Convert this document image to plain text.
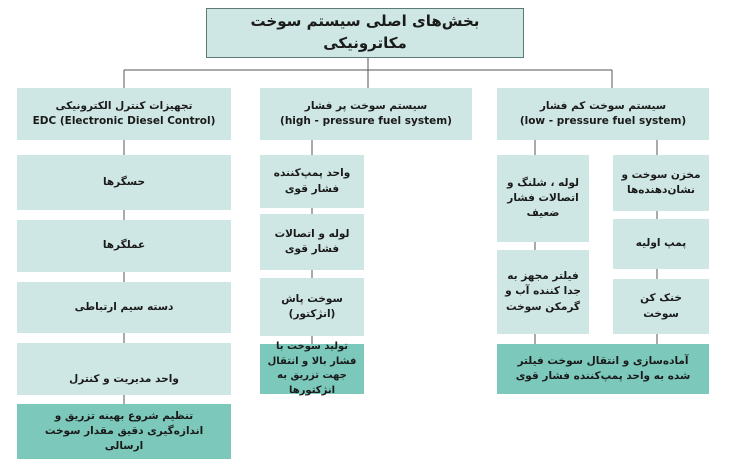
بخش‌های اصلی سیستم سوخت مکاترونیکی
تجهیزات کنترل الکترونیکی
EDC (Electronic Diesel Control)
حسگرها
عملگرها
دسته سیم ارتباطی
واحد مدیریت و کنترل
تنظیم شروع بهینه تزریق و اندازه‌گیری دقیق مقدار سوخت ارسالی
سیستم سوخت پر فشار
(high - pressure fuel system)
واحد پمپ‌کننده
فشار قوی
لوله و اتصالات
فشار قوی
سوخت پاش
(انژکتور)
تولید سوخت با فشار بالا و انتقال جهت تزریق به انژکتورها
سیستم سوخت کم فشار
(low - pressure fuel system)
لوله ، شلنگ و اتصالات فشار ضعیف
فیلتر مجهز به جدا کننده آب و گرمکن سوخت
مخزن سوخت و نشان‌دهنده‌ها
پمپ اولیه
خنک کن سوخت
آماده‌سازی و انتقال سوخت فیلتر شده به واحد پمپ‌کننده فشار قوی
